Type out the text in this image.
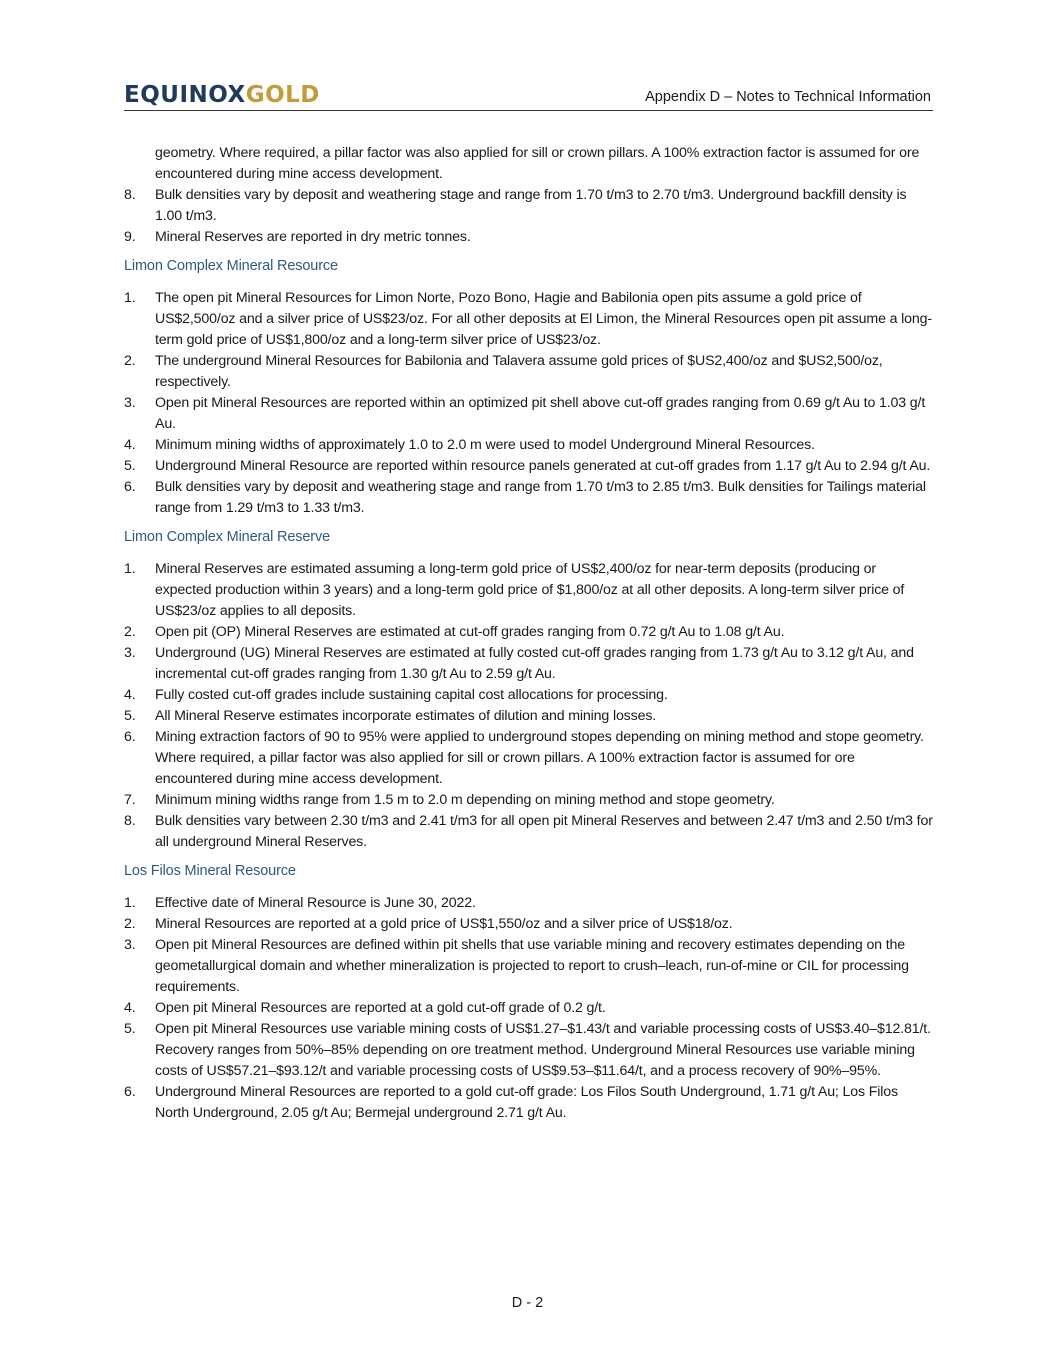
EQUINOXGOLD	Appendix D – Notes to Technical Information
geometry. Where required, a pillar factor was also applied for sill or crown pillars. A 100% extraction factor is assumed for ore encountered during mine access development.
8.	Bulk densities vary by deposit and weathering stage and range from 1.70 t/m3 to 2.70 t/m3. Underground backfill density is 1.00 t/m3.
9.	Mineral Reserves are reported in dry metric tonnes.
Limon Complex Mineral Resource
1.	The open pit Mineral Resources for Limon Norte, Pozo Bono, Hagie and Babilonia open pits assume a gold price of US$2,500/oz and a silver price of US$23/oz. For all other deposits at El Limon, the Mineral Resources open pit assume a long-term gold price of US$1,800/oz and a long-term silver price of US$23/oz.
2.	The underground Mineral Resources for Babilonia and Talavera assume gold prices of $US2,400/oz and $US2,500/oz, respectively.
3.	Open pit Mineral Resources are reported within an optimized pit shell above cut-off grades ranging from 0.69 g/t Au to 1.03 g/t Au.
4.	Minimum mining widths of approximately 1.0 to 2.0 m were used to model Underground Mineral Resources.
5.	Underground Mineral Resource are reported within resource panels generated at cut-off grades from 1.17 g/t Au to 2.94 g/t Au.
6.	Bulk densities vary by deposit and weathering stage and range from 1.70 t/m3 to 2.85 t/m3. Bulk densities for Tailings material range from 1.29 t/m3 to 1.33 t/m3.
Limon Complex Mineral Reserve
1.	Mineral Reserves are estimated assuming a long-term gold price of US$2,400/oz for near-term deposits (producing or expected production within 3 years) and a long-term gold price of $1,800/oz at all other deposits. A long-term silver price of US$23/oz applies to all deposits.
2.	Open pit (OP) Mineral Reserves are estimated at cut-off grades ranging from 0.72 g/t Au to 1.08 g/t Au.
3.	Underground (UG) Mineral Reserves are estimated at fully costed cut-off grades ranging from 1.73 g/t Au to 3.12 g/t Au, and incremental cut-off grades ranging from 1.30 g/t Au to 2.59 g/t Au.
4.	Fully costed cut-off grades include sustaining capital cost allocations for processing.
5.	All Mineral Reserve estimates incorporate estimates of dilution and mining losses.
6.	Mining extraction factors of 90 to 95% were applied to underground stopes depending on mining method and stope geometry. Where required, a pillar factor was also applied for sill or crown pillars. A 100% extraction factor is assumed for ore encountered during mine access development.
7.	Minimum mining widths range from 1.5 m to 2.0 m depending on mining method and stope geometry.
8.	Bulk densities vary between 2.30 t/m3 and 2.41 t/m3 for all open pit Mineral Reserves and between 2.47 t/m3 and 2.50 t/m3 for all underground Mineral Reserves.
Los Filos Mineral Resource
1.	Effective date of Mineral Resource is June 30, 2022.
2.	Mineral Resources are reported at a gold price of US$1,550/oz and a silver price of US$18/oz.
3.	Open pit Mineral Resources are defined within pit shells that use variable mining and recovery estimates depending on the geometallurgical domain and whether mineralization is projected to report to crush–leach, run-of-mine or CIL for processing requirements.
4.	Open pit Mineral Resources are reported at a gold cut-off grade of 0.2 g/t.
5.	Open pit Mineral Resources use variable mining costs of US$1.27–$1.43/t and variable processing costs of US$3.40–$12.81/t. Recovery ranges from 50%–85% depending on ore treatment method. Underground Mineral Resources use variable mining costs of US$57.21–$93.12/t and variable processing costs of US$9.53–$11.64/t, and a process recovery of 90%–95%.
6.	Underground Mineral Resources are reported to a gold cut-off grade: Los Filos South Underground, 1.71 g/t Au; Los Filos North Underground, 2.05 g/t Au; Bermejal underground 2.71 g/t Au.
D - 2
